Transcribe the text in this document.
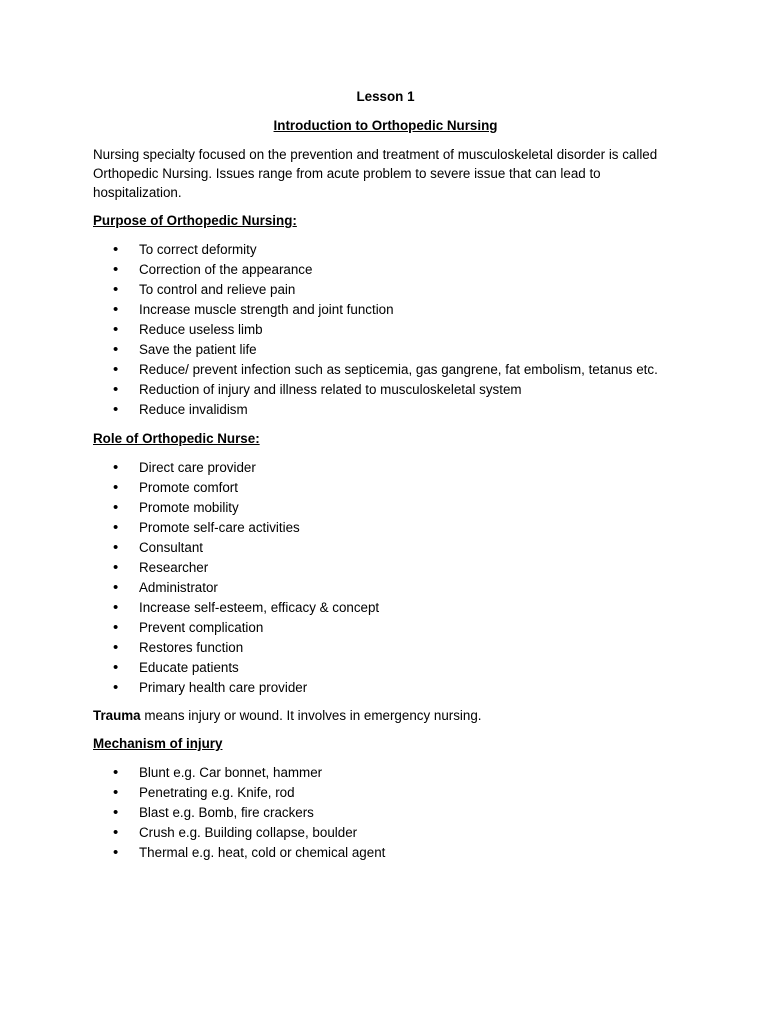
Lesson 1

Introduction to Orthopedic Nursing

Nursing specialty focused on the prevention and treatment of musculoskeletal disorder is called Orthopedic Nursing. Issues range from acute problem to severe issue that can lead to hospitalization.

Purpose of Orthopedic Nursing:

• To correct deformity
• Correction of the appearance
• To control and relieve pain
• Increase muscle strength and joint function
• Reduce useless limb
• Save the patient life
• Reduce/ prevent infection such as septicemia, gas gangrene, fat embolism, tetanus etc.
• Reduction of injury and illness related to musculoskeletal system
• Reduce invalidism

Role of Orthopedic Nurse:

• Direct care provider
• Promote comfort
• Promote mobility
• Promote self-care activities
• Consultant
• Researcher
• Administrator
• Increase self-esteem, efficacy & concept
• Prevent complication
• Restores function
• Educate patients
• Primary health care provider

Trauma means injury or wound. It involves in emergency nursing.

Mechanism of injury

• Blunt e.g. Car bonnet, hammer
• Penetrating e.g. Knife, rod
• Blast e.g. Bomb, fire crackers
• Crush e.g. Building collapse, boulder
• Thermal e.g. heat, cold or chemical agent
